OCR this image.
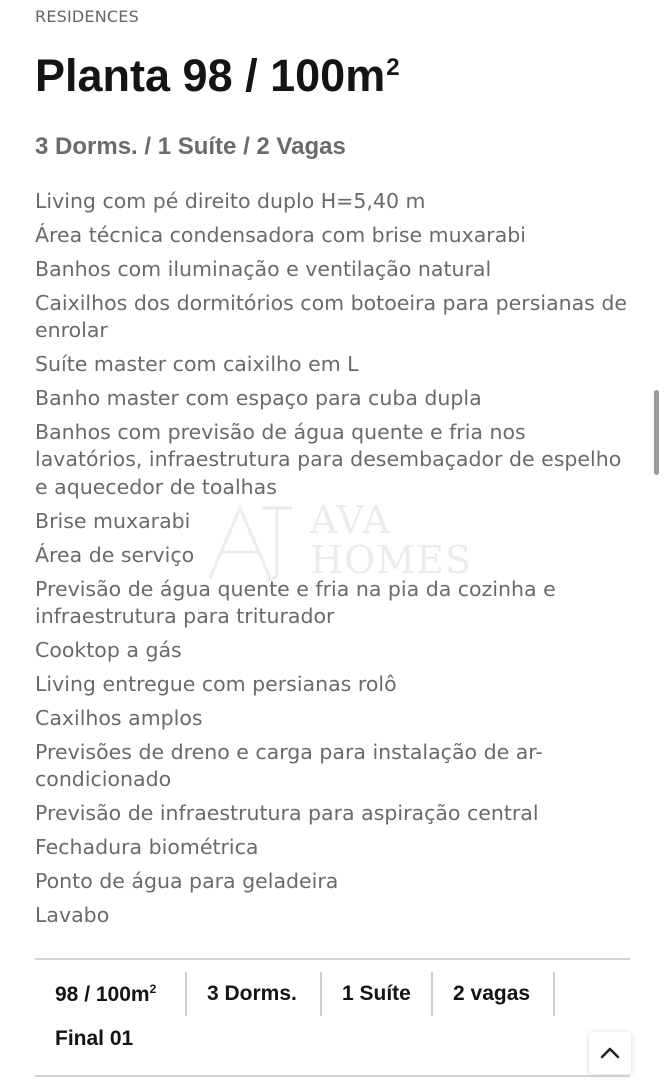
RESIDENCES
Planta $98 / 100m^2$
3 Dorms. / 1 Suíte / 2 Vagas
Living com pé direito duplo H=5,40 m
Área técnica condensadora com brise muxarabi
Banhos com iluminação e ventilação natural
Caixilhos dos dormitórios com botoeira para persianas de enrolar
Suíte master com caixilho em L
Banho master com espaço para cuba dupla
Banhos com previsão de água quente e fria nos lavatórios, infraestrutura para desembaçador de espelho e aquecedor de toalhas
Brise muxarabi
Área de serviço
Previsão de água quente e fria na pia da cozinha e infraestrutura para triturador
Cooktop a gás
Living entregue com persianas rolô
Caxilhos amplos
Previsões de dreno e carga para instalação de ar-condicionado
Previsão de infraestrutura para aspiração central
Fechadura biométrica
Ponto de água para geladeira
Lavabo
AVA
HOMES
$98 / 100m^2$ 3 Dorms. 1 Suíte 2 vagas
Final 01
